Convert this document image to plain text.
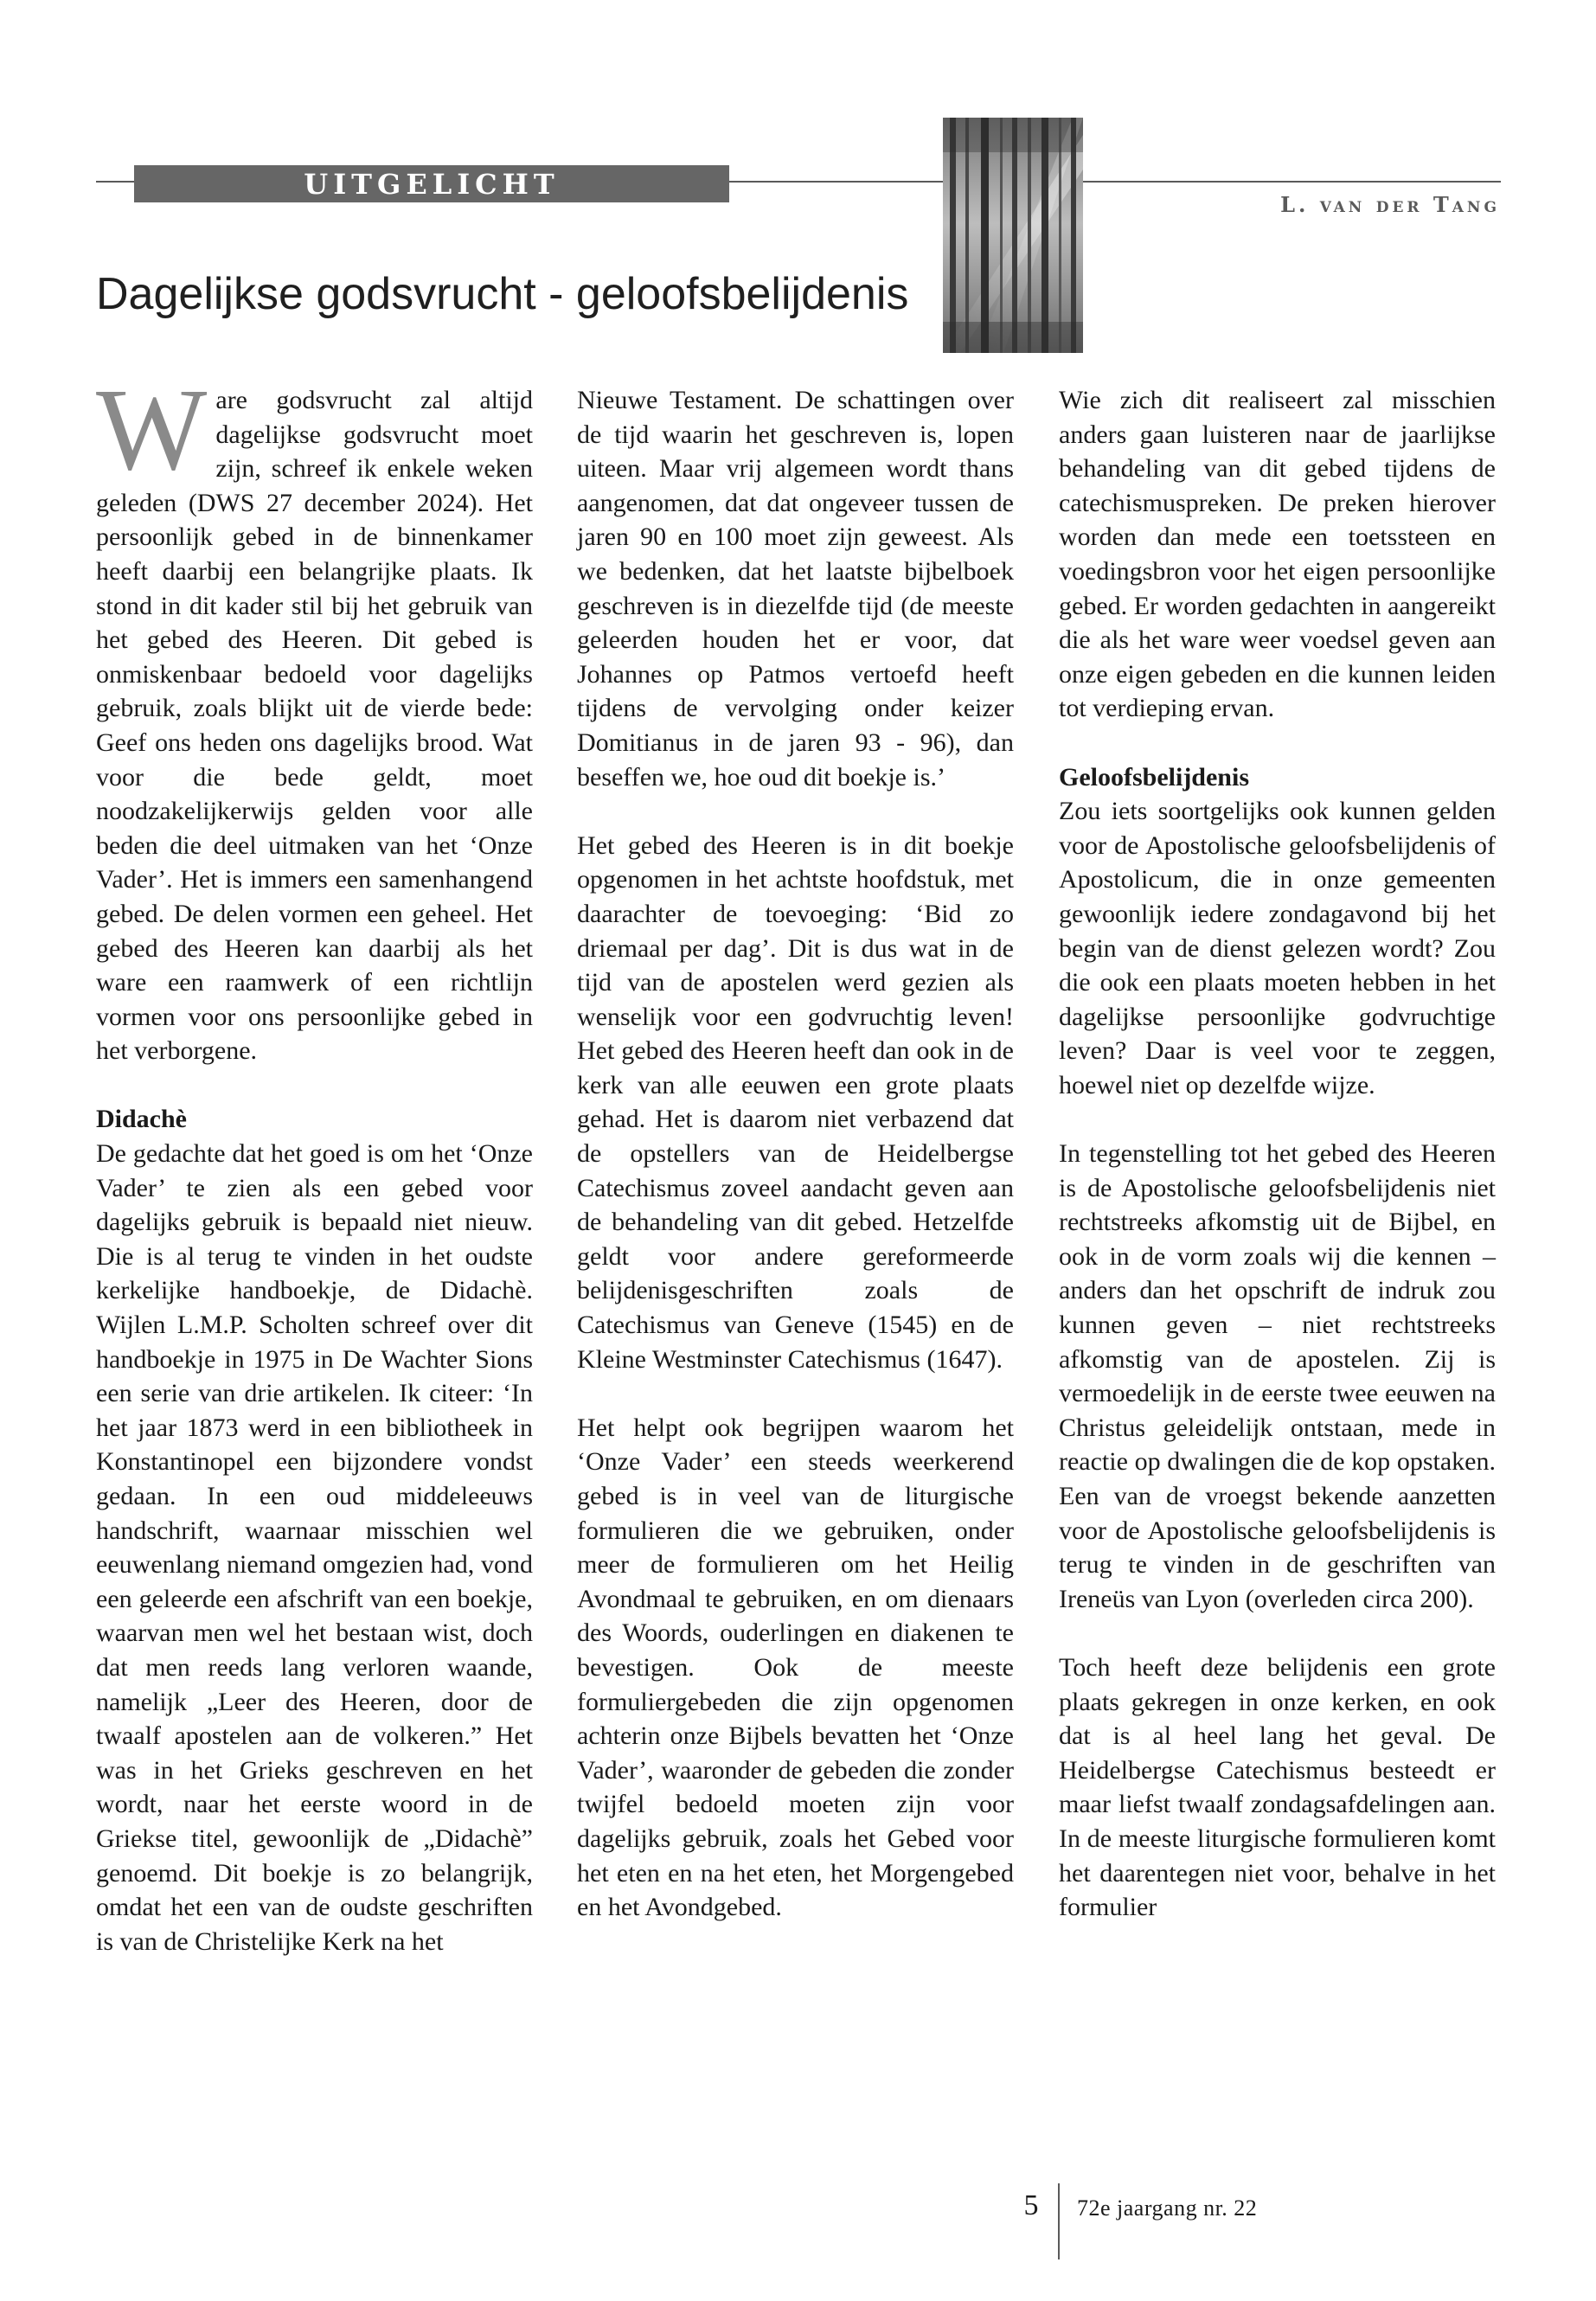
UITGELICHT
L. van der Tang
Dagelijkse godsvrucht - geloofsbelijdenis

Ware godsvrucht zal altijd dagelijkse godsvrucht moet zijn, schreef ik enkele weken geleden (DWS 27 december 2024). Het persoonlijk gebed in de binnenkamer heeft daarbij een belangrijke plaats. Ik stond in dit kader stil bij het gebruik van het gebed des Heeren. Dit gebed is onmiskenbaar bedoeld voor dagelijks gebruik, zoals blijkt uit de vierde bede: Geef ons heden ons dagelijks brood. Wat voor die bede geldt, moet noodzakelijkerwijs gelden voor alle beden die deel uitmaken van het ‘Onze Vader’. Het is immers een samenhangend gebed. De delen vormen een geheel. Het gebed des Heeren kan daarbij als het ware een raamwerk of een richtlijn vormen voor ons persoonlijke gebed in het verborgene.

Didachè

De gedachte dat het goed is om het ‘Onze Vader’ te zien als een gebed voor dagelijks gebruik is bepaald niet nieuw. Die is al terug te vinden in het oudste kerkelijke handboekje, de Didachè. Wijlen L.M.P. Scholten schreef over dit handboekje in 1975 in De Wachter Sions een serie van drie artikelen. Ik citeer: ‘In het jaar 1873 werd in een bibliotheek in Konstantinopel een bijzondere vondst gedaan. In een oud middeleeuws handschrift, waarnaar misschien wel eeuwenlang niemand omgezien had, vond een geleerde een afschrift van een boekje, waarvan men wel het bestaan wist, doch dat men reeds lang verloren waande, namelijk „Leer des Heeren, door de twaalf apostelen aan de volkeren.” Het was in het Grieks geschreven en het wordt, naar het eerste woord in de Griekse titel, gewoonlijk de „Didachè” genoemd. Dit boekje is zo belangrijk, omdat het een van de oudste geschriften is van de Christelijke Kerk na het

Nieuwe Testament. De schattingen over de tijd waarin het geschreven is, lopen uiteen. Maar vrij algemeen wordt thans aangenomen, dat dat ongeveer tussen de jaren 90 en 100 moet zijn geweest. Als we bedenken, dat het laatste bijbelboek geschreven is in diezelfde tijd (de meeste geleerden houden het er voor, dat Johannes op Patmos vertoefd heeft tijdens de vervolging onder keizer Domitianus in de jaren 93 - 96), dan beseffen we, hoe oud dit boekje is.’

Het gebed des Heeren is in dit boekje opgenomen in het achtste hoofdstuk, met daarachter de toevoeging: ‘Bid zo driemaal per dag’. Dit is dus wat in de tijd van de apostelen werd gezien als wenselijk voor een godvruchtig leven! Het gebed des Heeren heeft dan ook in de kerk van alle eeuwen een grote plaats gehad. Het is daarom niet verbazend dat de opstellers van de Heidelbergse Catechismus zoveel aandacht geven aan de behandeling van dit gebed. Hetzelfde geldt voor andere gereformeerde belijdenisgeschriften zoals de Catechismus van Geneve (1545) en de Kleine Westminster Catechismus (1647).

Het helpt ook begrijpen waarom het ‘Onze Vader’ een steeds weerkerend gebed is in veel van de liturgische formulieren die we gebruiken, onder meer de formulieren om het Heilig Avondmaal te gebruiken, en om dienaars des Woords, ouderlingen en diakenen te bevestigen. Ook de meeste formuliergebeden die zijn opgenomen achterin onze Bijbels bevatten het ‘Onze Vader’, waaronder de gebeden die zonder twijfel bedoeld moeten zijn voor dagelijks gebruik, zoals het Gebed voor het eten en na het eten, het Morgengebed en het Avondgebed.

Wie zich dit realiseert zal misschien anders gaan luisteren naar de jaarlijkse behandeling van dit gebed tijdens de catechismuspreken. De preken hierover worden dan mede een toetssteen en voedingsbron voor het eigen persoonlijke gebed. Er worden gedachten in aangereikt die als het ware weer voedsel geven aan onze eigen gebeden en die kunnen leiden tot verdieping ervan.

Geloofsbelijdenis

Zou iets soortgelijks ook kunnen gelden voor de Apostolische geloofsbelijdenis of Apostolicum, die in onze gemeenten gewoonlijk iedere zondagavond bij het begin van de dienst gelezen wordt? Zou die ook een plaats moeten hebben in het dagelijkse persoonlijke godvruchtige leven? Daar is veel voor te zeggen, hoewel niet op dezelfde wijze.

In tegenstelling tot het gebed des Heeren is de Apostolische geloofsbelijdenis niet rechtstreeks afkomstig uit de Bijbel, en ook in de vorm zoals wij die kennen – anders dan het opschrift de indruk zou kunnen geven – niet rechtstreeks afkomstig van de apostelen. Zij is vermoedelijk in de eerste twee eeuwen na Christus geleidelijk ontstaan, mede in reactie op dwalingen die de kop opstaken. Een van de vroegst bekende aanzetten voor de Apostolische geloofsbelijdenis is terug te vinden in de geschriften van Ireneüs van Lyon (overleden circa 200).

Toch heeft deze belijdenis een grote plaats gekregen in onze kerken, en ook dat is al heel lang het geval. De Heidelbergse Catechismus besteedt er maar liefst twaalf zondagsafdelingen aan. In de meeste liturgische formulieren komt het daarentegen niet voor, behalve in het formulier

5	72e jaargang nr. 22
